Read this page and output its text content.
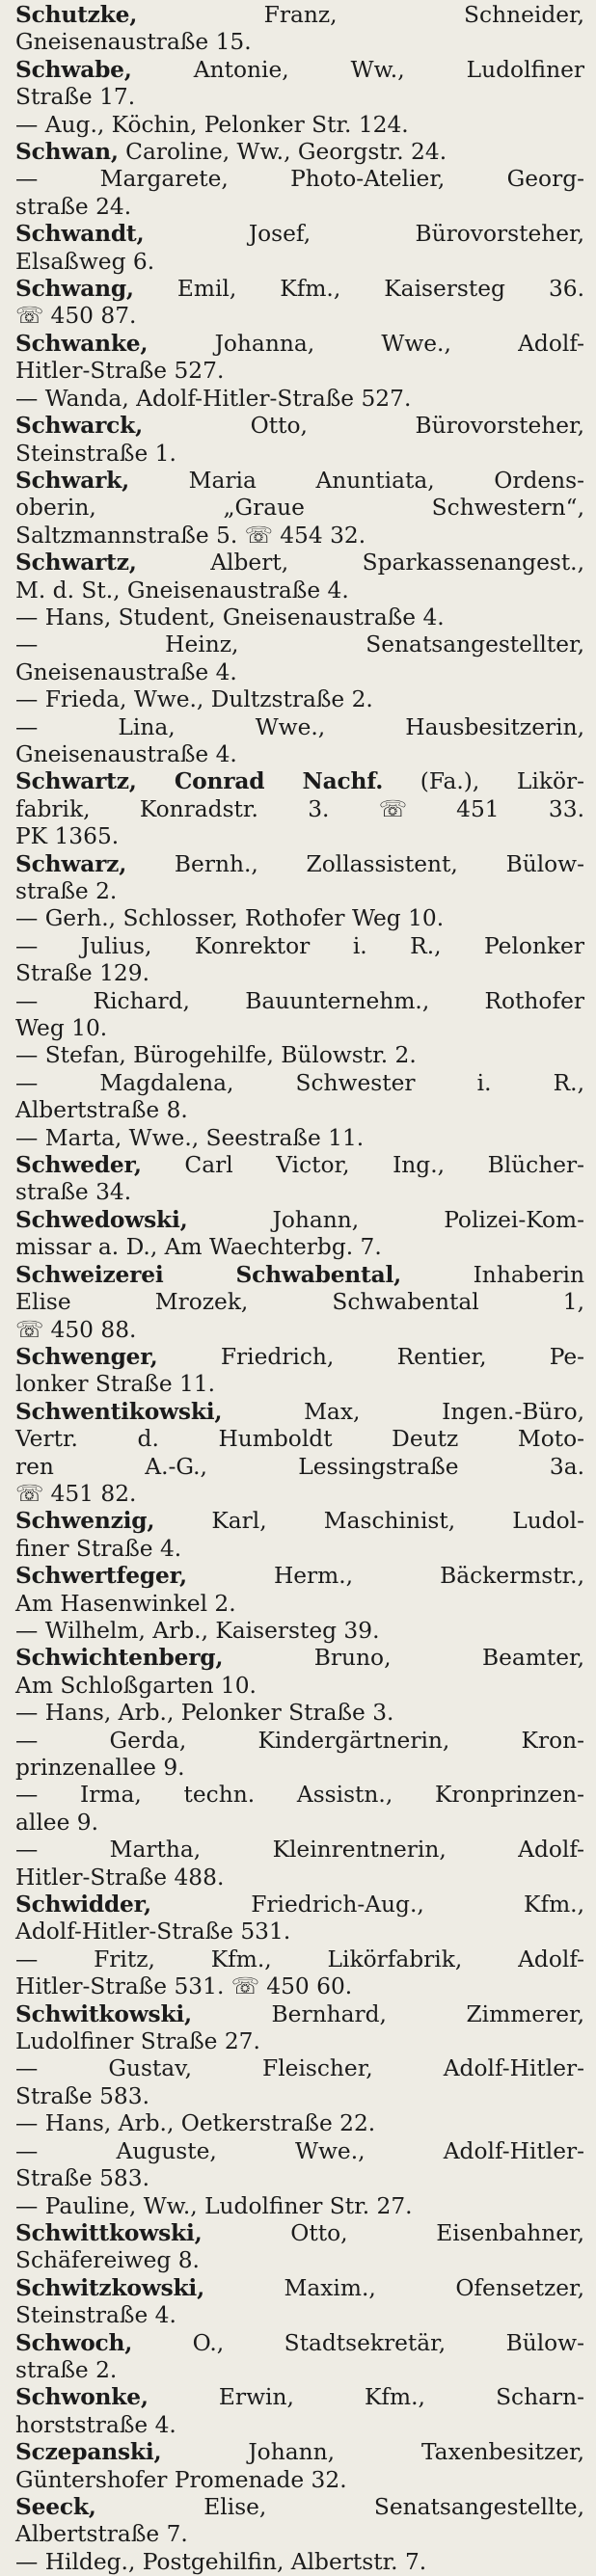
Schutzke,	Franz, Schneider,
Gneisenaustraße 15.
Schwabe,	Antonie, Ww., Ludolfiner
Straße 17.
— Aug., Köchin, Pelonker Str. 124.
Schwan, Caroline, Ww., Georgstr. 24.
— Margarete, Photo-Atelier, Georg-
straße 24.
Schwandt,	Josef, Bürovorsteher,
Elsaßweg 6.
Schwang, Emil, Kfm., Kaisersteg 36.
☏ 450 87.
Schwanke,	Johanna, Wwe., Adolf-
Hitler-Straße 527.
— Wanda, Adolf-Hitler-Straße 527.
Schwarck,	Otto, Bürovorsteher,
Steinstraße 1.
Schwark,	Maria Anuntiata, Ordens-
oberin, „Graue Schwestern“,
Saltzmannstraße 5. ☏ 454 32.
Schwartz,	Albert, Sparkassenangest.,
M. d. St., Gneisenaustraße 4.
— Hans, Student, Gneisenaustraße 4.
— Heinz, Senatsangestellter,
Gneisenaustraße 4.
— Frieda, Wwe., Dultzstraße 2.
— Lina, Wwe., Hausbesitzerin,
Gneisenaustraße 4.
Schwartz, Conrad Nachf. (Fa.), Likör-
fabrik, Konradstr. 3. ☏ 451 33.
PK 1365.
Schwarz, Bernh., Zollassistent, Bülow-
straße 2.
— Gerh., Schlosser, Rothofer Weg 10.
— Julius, Konrektor i. R., Pelonker
Straße 129.
— Richard, Bauunternehm., Rothofer
Weg 10.
— Stefan, Bürogehilfe, Bülowstr. 2.
— Magdalena, Schwester i. R.,
Albertstraße 8.
— Marta, Wwe., Seestraße 11.
Schweder, Carl Victor, Ing., Blücher-
straße 34.
Schwedowski,	Johann, Polizei-Kom-
missar a. D., Am Waechterbg. 7.
Schweizerei Schwabental,	Inhaberin
Elise Mrozek, Schwabental 1,
☏ 450 88.
Schwenger,	Friedrich, Rentier, Pe-
lonker Straße 11.
Schwentikowski,	Max, Ingen.-Büro,
Vertr. d. Humboldt Deutz Moto-
ren A.-G., Lessingstraße 3a.
☏ 451 82.
Schwenzig,	Karl, Maschinist, Ludol-
finer Straße 4.
Schwertfeger,	Herm., Bäckermstr.,
Am Hasenwinkel 2.
— Wilhelm, Arb., Kaisersteg 39.
Schwichtenberg,	Bruno, Beamter,
Am Schloßgarten 10.
— Hans, Arb., Pelonker Straße 3.
— Gerda, Kindergärtnerin, Kron-
prinzenallee 9.
— Irma, techn. Assistn., Kronprinzen-
allee 9.
— Martha, Kleinrentnerin, Adolf-
Hitler-Straße 488.
Schwidder,	Friedrich-Aug., Kfm.,
Adolf-Hitler-Straße 531.
— Fritz, Kfm., Likörfabrik, Adolf-
Hitler-Straße 531. ☏ 450 60.
Schwitkowski,	Bernhard, Zimmerer,
Ludolfiner Straße 27.
— Gustav, Fleischer, Adolf-Hitler-
Straße 583.
— Hans, Arb., Oetkerstraße 22.
— Auguste, Wwe., Adolf-Hitler-
Straße 583.
— Pauline, Ww., Ludolfiner Str. 27.
Schwittkowski,	Otto, Eisenbahner,
Schäfereiweg 8.
Schwitzkowski,	Maxim., Ofensetzer,
Steinstraße 4.
Schwoch,	O., Stadtsekretär, Bülow-
straße 2.
Schwonke,	Erwin, Kfm., Scharn-
horststraße 4.
Sczepanski,	Johann, Taxenbesitzer,
Güntershofer Promenade 32.
Seeck,	Elise, Senatsangestellte,
Albertstraße 7.
— Hildeg., Postgehilfin, Albertstr. 7.
